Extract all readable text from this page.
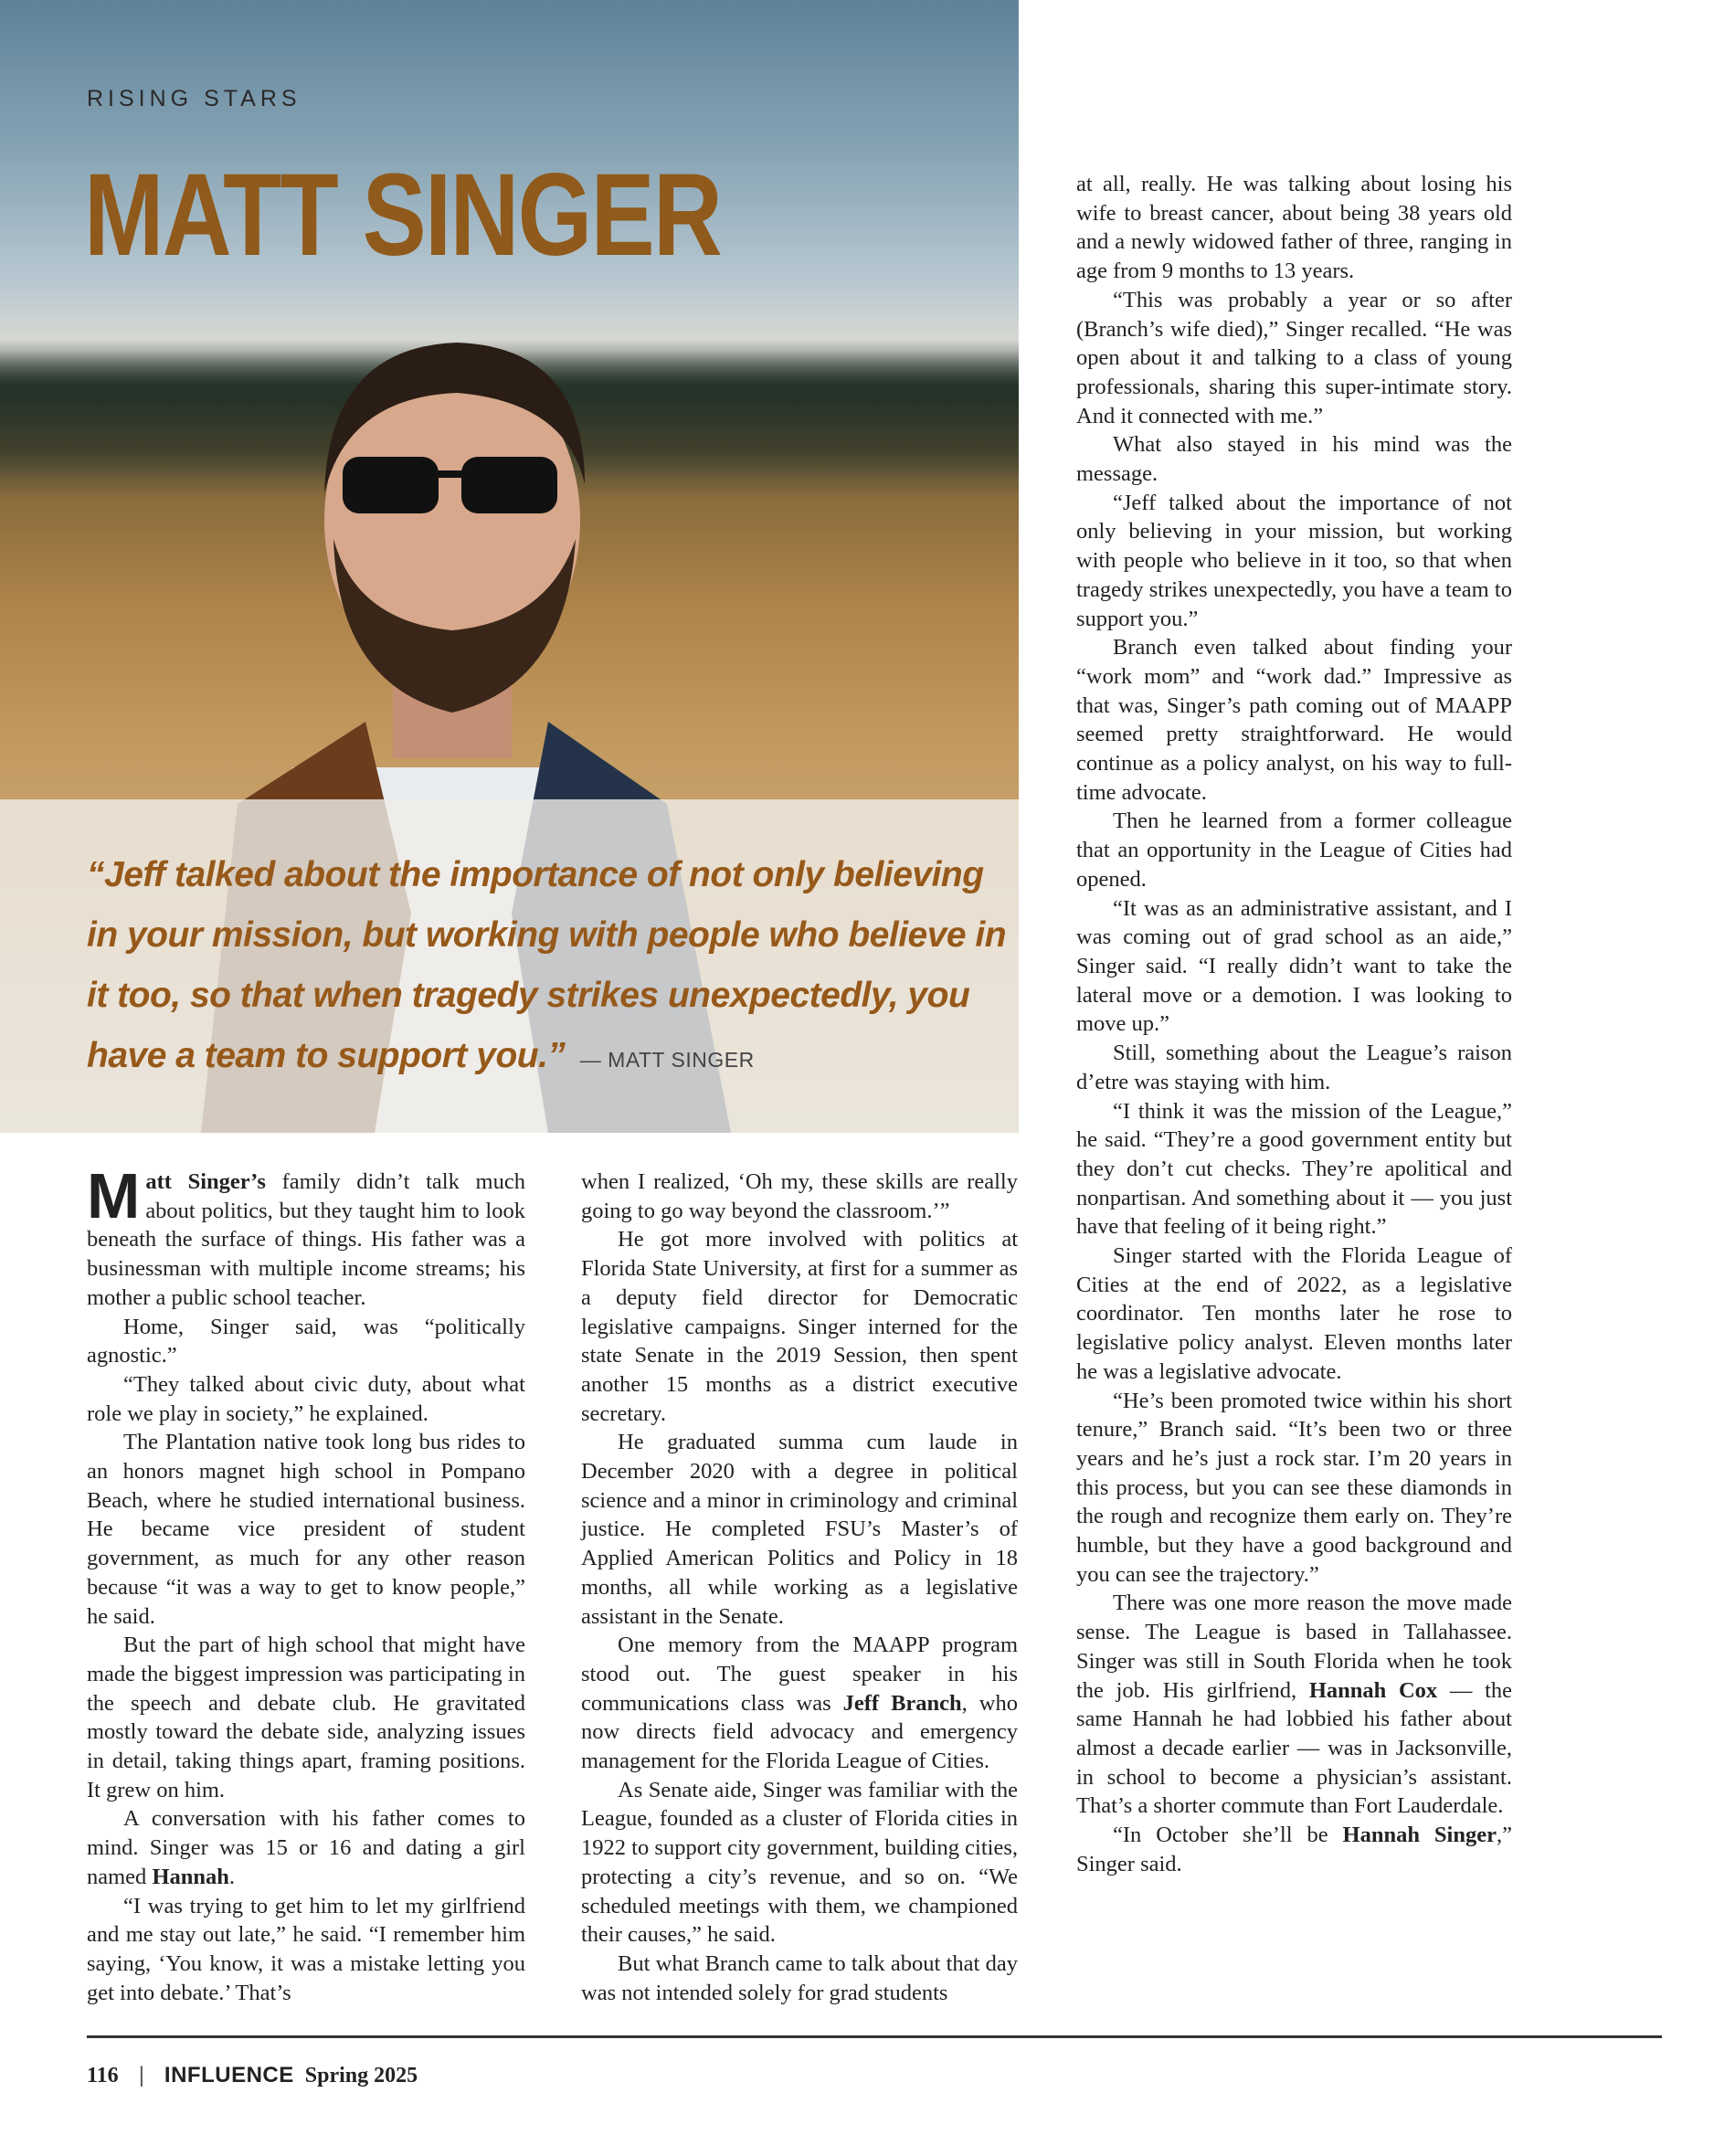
RISING STARS
MATT SINGER
“Jeff talked about the importance of not only believing in your mission, but working with people who believe in it too, so that when tragedy strikes unexpectedly, you have a team to support you.” — MATT SINGER

Matt Singer’s family didn’t talk much about politics, but they taught him to look beneath the surface of things. His father was a businessman with multiple income streams; his mother a public school teacher.

Home, Singer said, was “politically agnostic.”

“They talked about civic duty, about what role we play in society,” he explained.

The Plantation native took long bus rides to an honors magnet high school in Pompano Beach, where he studied international business. He became vice president of student government, as much for any other reason because “it was a way to get to know people,” he said.

But the part of high school that might have made the biggest impression was participating in the speech and debate club. He gravitated mostly toward the debate side, analyzing issues in detail, taking things apart, framing positions. It grew on him.

A conversation with his father comes to mind. Singer was 15 or 16 and dating a girl named Hannah.

“I was trying to get him to let my girlfriend and me stay out late,” he said. “I remember him saying, ‘You know, it was a mistake letting you get into debate.’ That’s

when I realized, ‘Oh my, these skills are really going to go way beyond the classroom.’”

He got more involved with politics at Florida State University, at first for a summer as a deputy field director for Democratic legislative campaigns. Singer interned for the state Senate in the 2019 Session, then spent another 15 months as a district executive secretary.

He graduated summa cum laude in December 2020 with a degree in political science and a minor in criminology and criminal justice. He completed FSU’s Master’s of Applied American Politics and Policy in 18 months, all while working as a legislative assistant in the Senate.

One memory from the MAAPP program stood out. The guest speaker in his communications class was Jeff Branch, who now directs field advocacy and emergency management for the Florida League of Cities.

As Senate aide, Singer was familiar with the League, founded as a cluster of Florida cities in 1922 to support city government, building cities, protecting a city’s revenue, and so on. “We scheduled meetings with them, we championed their causes,” he said.

But what Branch came to talk about that day was not intended solely for grad students

at all, really. He was talking about losing his wife to breast cancer, about being 38 years old and a newly widowed father of three, ranging in age from 9 months to 13 years.

“This was probably a year or so after (Branch’s wife died),” Singer recalled. “He was open about it and talking to a class of young professionals, sharing this super-intimate story. And it connected with me.”

What also stayed in his mind was the message.

“Jeff talked about the importance of not only believing in your mission, but working with people who believe in it too, so that when tragedy strikes unexpectedly, you have a team to support you.”

Branch even talked about finding your “work mom” and “work dad.” Impressive as that was, Singer’s path coming out of MAAPP seemed pretty straightforward. He would continue as a policy analyst, on his way to full-time advocate.

Then he learned from a former colleague that an opportunity in the League of Cities had opened.

“It was as an administrative assistant, and I was coming out of grad school as an aide,” Singer said. “I really didn’t want to take the lateral move or a demotion. I was looking to move up.”

Still, something about the League’s raison d’etre was staying with him.

“I think it was the mission of the League,” he said. “They’re a good government entity but they don’t cut checks. They’re apolitical and nonpartisan. And something about it — you just have that feeling of it being right.”

Singer started with the Florida League of Cities at the end of 2022, as a legislative coordinator. Ten months later he rose to legislative policy analyst. Eleven months later he was a legislative advocate.

“He’s been promoted twice within his short tenure,” Branch said. “It’s been two or three years and he’s just a rock star. I’m 20 years in this process, but you can see these diamonds in the rough and recognize them early on. They’re humble, but they have a good background and you can see the trajectory.”

There was one more reason the move made sense. The League is based in Tallahassee. Singer was still in South Florida when he took the job. His girlfriend, Hannah Cox — the same Hannah he had lobbied his father about almost a decade earlier — was in Jacksonville, in school to become a physician’s assistant. That’s a shorter commute than Fort Lauderdale.

“In October she’ll be Hannah Singer,” Singer said.

116 | INFLUENCE Spring 2025
